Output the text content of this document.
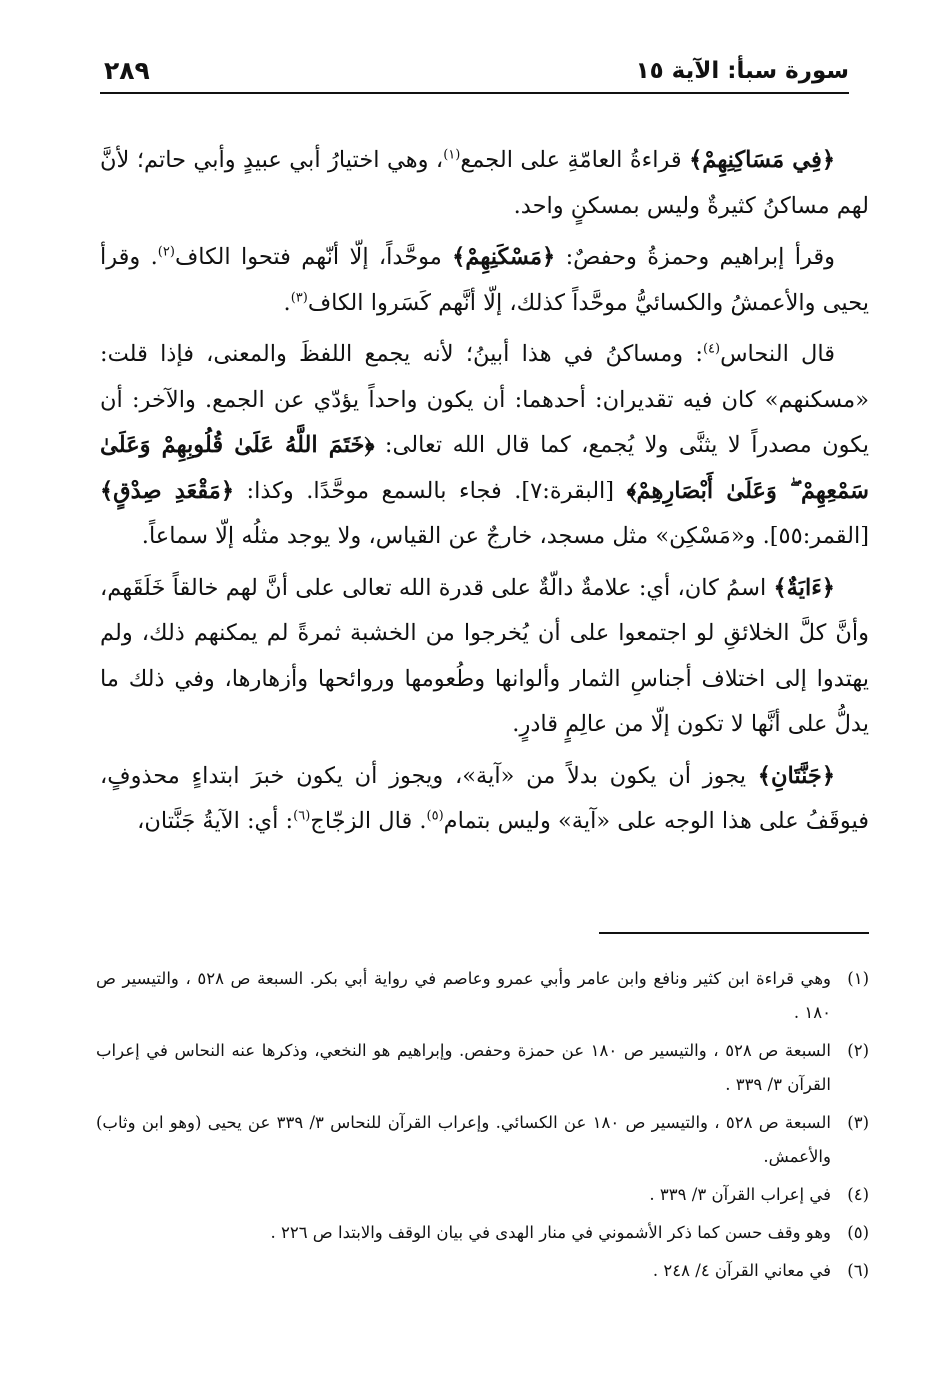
سورة سبأ: الآية ١٥
٢٨٩

﴿فِي مَسَاكِنِهِمْ﴾ قراءةُ العامّةِ على الجمع$^{(١)}$، وهي اختيارُ أبي عبيدٍ وأبي حاتم؛ لأنَّ لهم مساكنُ كثيرةٌ وليس بمسكنٍ واحد.

وقرأ إبراهيم وحمزةُ وحفصٌ: ﴿مَسْكَنِهِمْ﴾ موحَّداً، إلّا أنّهم فتحوا الكاف$^{(٢)}$. وقرأ يحيى والأعمشُ والكسائيُّ موحَّداً كذلك، إلّا أنَّهم كَسَروا الكاف$^{(٣)}$.

قال النحاس$^{(٤)}$: ومساكنُ في هذا أبينُ؛ لأنه يجمع اللفظَ والمعنى، فإذا قلت: «مسكنهم» كان فيه تقديران: أحدهما: أن يكون واحداً يؤدّي عن الجمع. والآخر: أن يكون مصدراً لا يثنَّى ولا يُجمع، كما قال الله تعالى: ﴿خَتَمَ اللَّهُ عَلَىٰ قُلُوبِهِمْ وَعَلَىٰ سَمْعِهِمْ ۖ وَعَلَىٰ أَبْصَارِهِمْ﴾ [البقرة:٧]. فجاء بالسمع موحَّدًا. وكذا: ﴿مَقْعَدِ صِدْقٍ﴾ [القمر:٥٥]. و«مَسْكِن» مثل مسجد، خارجٌ عن القياس، ولا يوجد مثلُه إلّا سماعاً.

﴿ءَايَةٌ﴾ اسمُ كان، أي: علامةٌ دالّةٌ على قدرة الله تعالى على أنَّ لهم خالقاً خَلَقَهم، وأنَّ كلَّ الخلائقِ لو اجتمعوا على أن يُخرجوا من الخشبة ثمرةً لم يمكنهم ذلك، ولم يهتدوا إلى اختلاف أجناسِ الثمار وألوانها وطُعومها وروائحها وأزهارها، وفي ذلك ما يدلُّ على أنَّها لا تكون إلّا من عالِمٍ قادرٍ.

﴿جَنَّتَانِ﴾ يجوز أن يكون بدلاً من «آية»، ويجوز أن يكون خبرَ ابتداءٍ محذوفٍ، فيوقَفُ على هذا الوجه على «آية» وليس بتمام$^{(٥)}$. قال الزجّاج$^{(٦)}$: أي: الآيةُ جَنَّتان،

(١)
وهي قراءة ابن كثير ونافع وابن عامر وأبي عمرو وعاصم في رواية أبي بكر. السبعة ص ٥٢٨ ، والتيسير ص ١٨٠ .
(٢)
السبعة ص ٥٢٨ ، والتيسير ص ١٨٠ عن حمزة وحفص. وإبراهيم هو النخعي، وذكرها عنه النحاس في إعراب القرآن ٣/ ٣٣٩ .
(٣)
السبعة ص ٥٢٨ ، والتيسير ص ١٨٠ عن الكسائي. وإعراب القرآن للنحاس ٣/ ٣٣٩ عن يحيى (وهو ابن وثاب) والأعمش.
(٤)
في إعراب القرآن ٣/ ٣٣٩ .
(٥)
وهو وقف حسن كما ذكر الأشموني في منار الهدى في بيان الوقف والابتدا ص ٢٢٦ .
(٦)
في معاني القرآن ٤/ ٢٤٨ .
